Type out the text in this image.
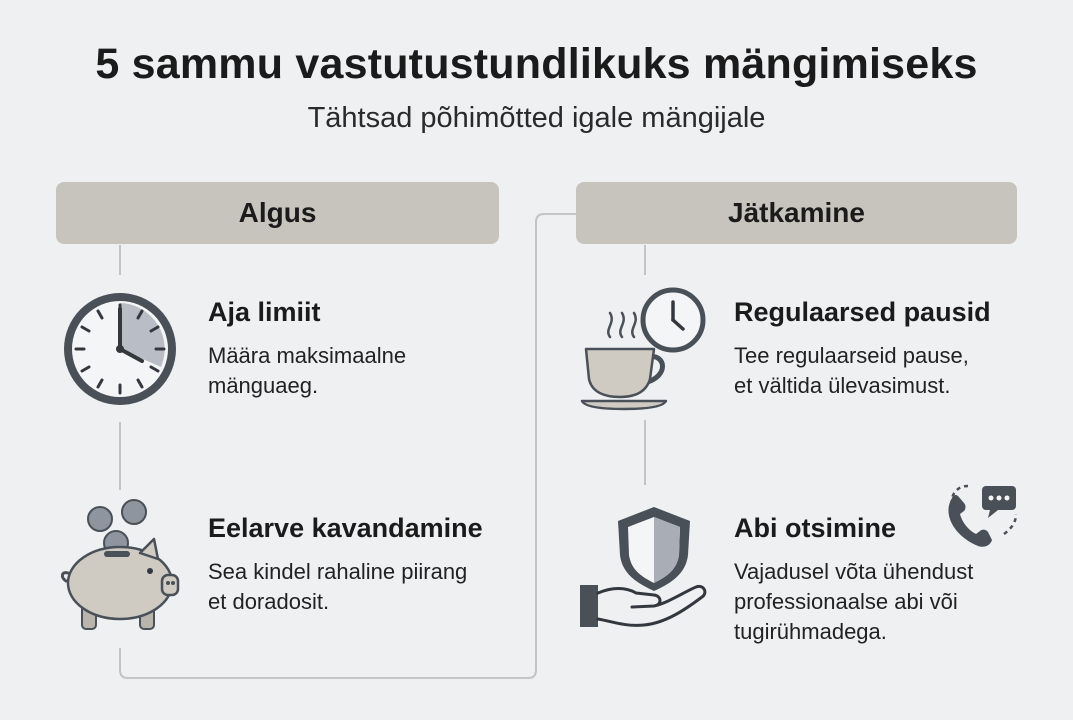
5 sammu vastutustundlikuks mängimiseks
Tähtsad põhimõtted igale mängijale
Algus	Jätkamine
Aja limiit
Määra maksimaalne
mänguaeg.
Eelarve kavandamine
Sea kindel rahaline piirang
et doradosit.
Regulaarsed pausid
Tee regulaarseid pause,
et vältida ülevasimust.
Abi otsimine
Vajadusel võta ühendust
professionaalse abi või
tugirühmadega.
